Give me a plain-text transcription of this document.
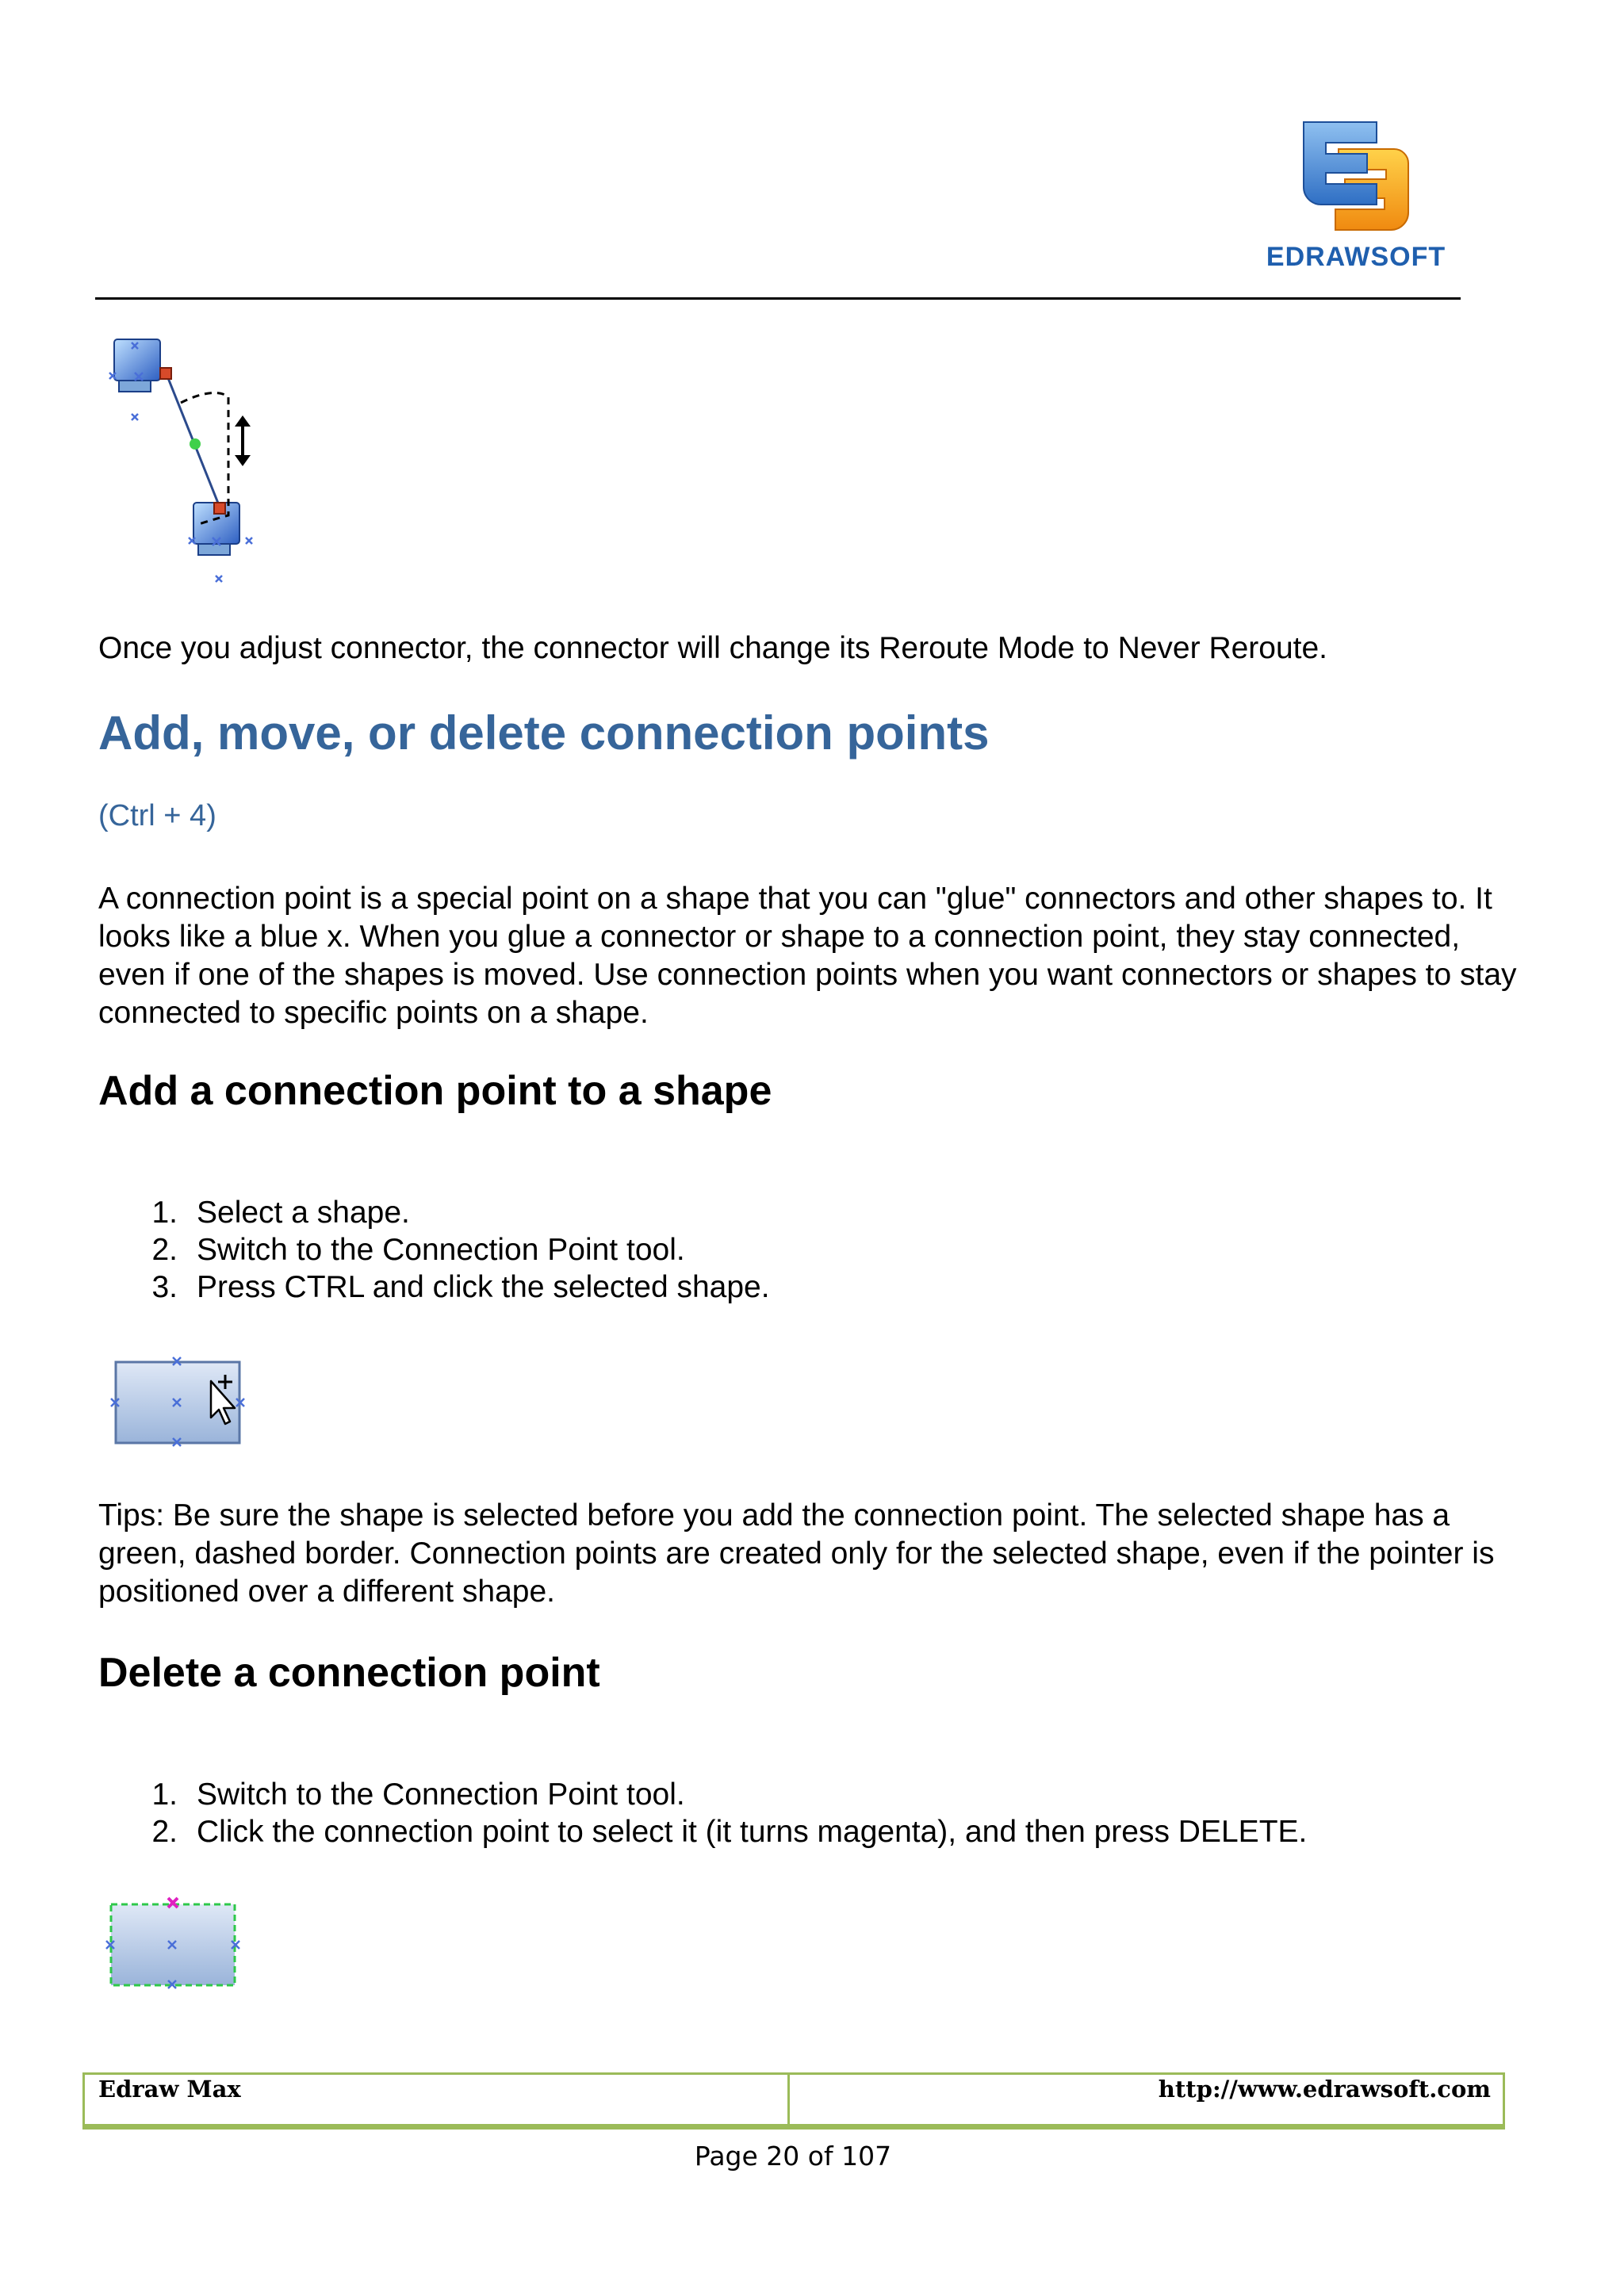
EDRAWSOFT
Once you adjust connector, the connector will change its Reroute Mode to Never Reroute.
Add, move, or delete connection points
(Ctrl + 4)
A connection point is a special point on a shape that you can "glue" connectors and other shapes to. It looks like a blue x. When you glue a connector or shape to a connection point, they stay connected, even if one of the shapes is moved. Use connection points when you want connectors or shapes to stay connected to specific points on a shape.
Add a connection point to a shape
1. Select a shape.
2. Switch to the Connection Point tool.
3. Press CTRL and click the selected shape.
Tips: Be sure the shape is selected before you add the connection point. The selected shape has a green, dashed border. Connection points are created only for the selected shape, even if the pointer is positioned over a different shape.
Delete a connection point
1. Switch to the Connection Point tool.
2. Click the connection point to select it (it turns magenta), and then press DELETE.
Edraw Max	http://www.edrawsoft.com
Page 20 of 107
